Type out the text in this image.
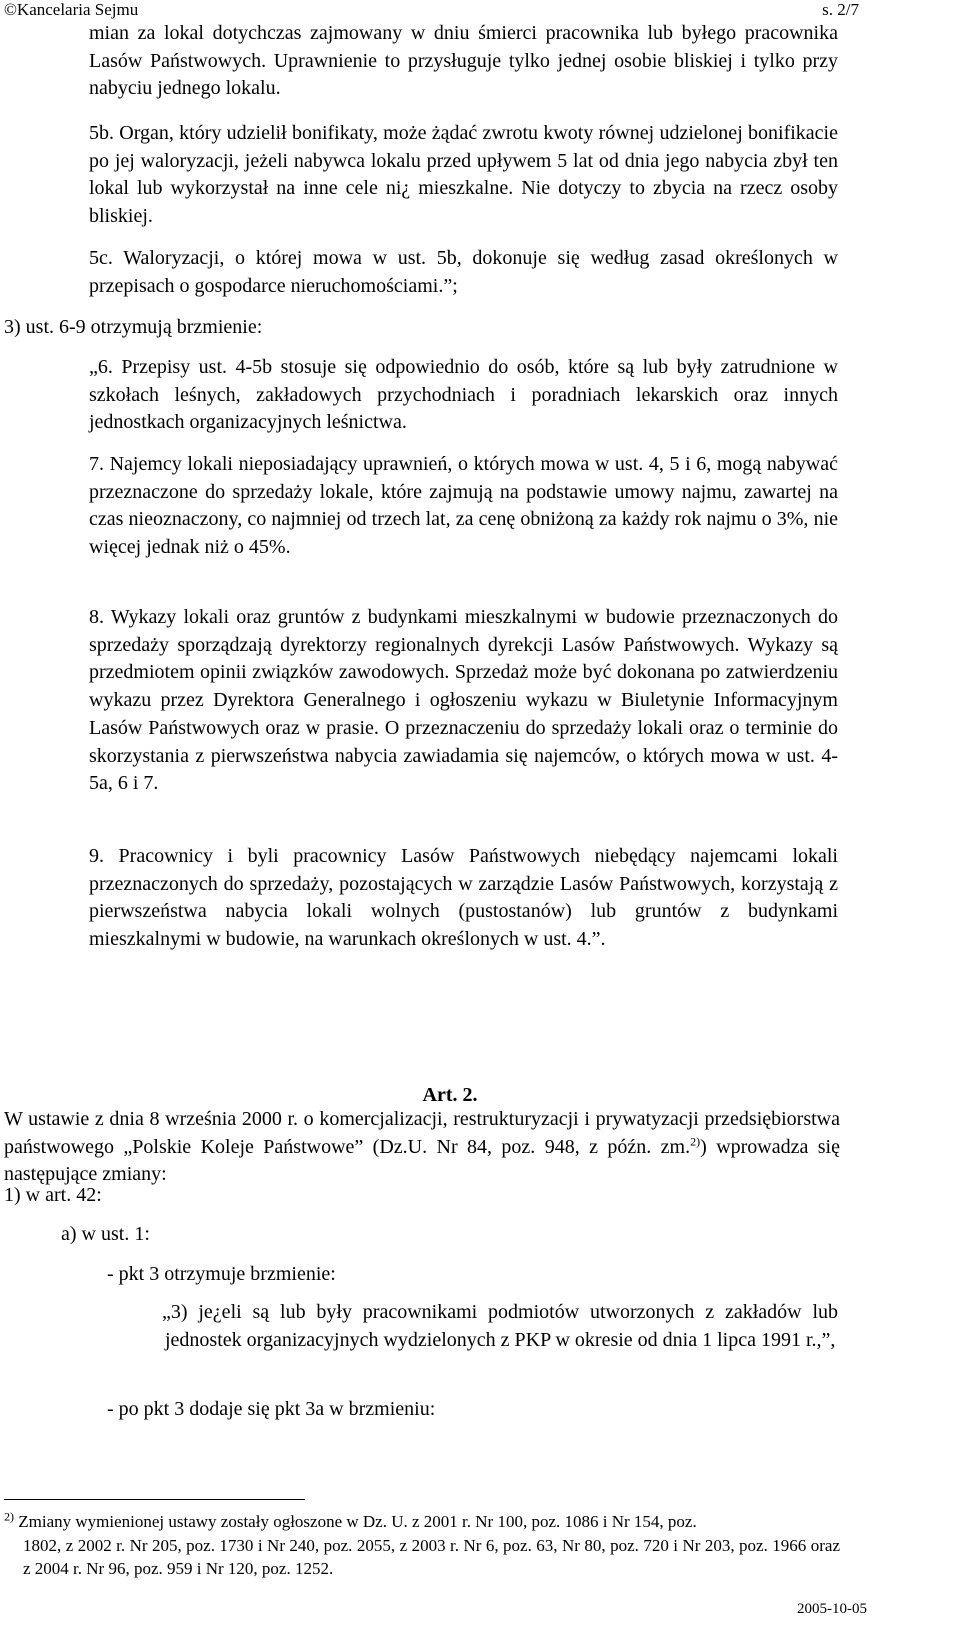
©Kancelaria Sejmu	s. 2/7

mian za lokal dotychczas zajmowany w dniu śmierci pracownika lub byłego pracownika Lasów Państwowych. Uprawnienie to przysługuje tylko jednej osobie bliskiej i tylko przy nabyciu jednego lokalu.

5b. Organ, który udzielił bonifikaty, może żądać zwrotu kwoty równej udzielonej bonifikacie po jej waloryzacji, jeżeli nabywca lokalu przed upływem 5 lat od dnia jego nabycia zbył ten lokal lub wykorzystał na inne cele ni¿ mieszkalne. Nie dotyczy to zbycia na rzecz osoby bliskiej.

5c. Waloryzacji, o której mowa w ust. 5b, dokonuje się według zasad określonych w przepisach o gospodarce nieruchomościami.”;

3) ust. 6-9 otrzymują brzmienie:

„6. Przepisy ust. 4-5b stosuje się odpowiednio do osób, które są lub były zatrudnione w szkołach leśnych, zakładowych przychodniach i poradniach lekarskich oraz innych jednostkach organizacyjnych leśnictwa.

7. Najemcy lokali nieposiadający uprawnień, o których mowa w ust. 4, 5 i 6, mogą nabywać przeznaczone do sprzedaży lokale, które zajmują na podstawie umowy najmu, zawartej na czas nieoznaczony, co najmniej od trzech lat, za cenę obniżoną za każdy rok najmu o 3%, nie więcej jednak niż o 45%.

8. Wykazy lokali oraz gruntów z budynkami mieszkalnymi w budowie przeznaczonych do sprzedaży sporządzają dyrektorzy regionalnych dyrekcji Lasów Państwowych. Wykazy są przedmiotem opinii związków zawodowych. Sprzedaż może być dokonana po zatwierdzeniu wykazu przez Dyrektora Generalnego i ogłoszeniu wykazu w Biuletynie Informacyjnym Lasów Państwowych oraz w prasie. O przeznaczeniu do sprzedaży lokali oraz o terminie do skorzystania z pierwszeństwa nabycia zawiadamia się najemców, o których mowa w ust. 4-5a, 6 i 7.

9. Pracownicy i byli pracownicy Lasów Państwowych niebędący najemcami lokali przeznaczonych do sprzedaży, pozostających w zarządzie Lasów Państwowych, korzystają z pierwszeństwa nabycia lokali wolnych (pustostanów) lub gruntów z budynkami mieszkalnymi w budowie, na warunkach określonych w ust. 4.”.

Art. 2.

W ustawie z dnia 8 września 2000 r. o komercjalizacji, restrukturyzacji i prywatyzacji przedsiębiorstwa państwowego „Polskie Koleje Państwowe” (Dz.U. Nr 84, poz. 948, z późn. zm.$^{2)}$) wprowadza się następujące zmiany:

1) w art. 42:

a) w ust. 1:

- pkt 3 otrzymuje brzmienie:

„3) je¿eli są lub były pracownikami podmiotów utworzonych z zakładów lub jednostek organizacyjnych wydzielonych z PKP w okresie od dnia 1 lipca 1991 r.,”,

- po pkt 3 dodaje się pkt 3a w brzmieniu:

$^{2)}$ Zmiany wymienionej ustawy zostały ogłoszone w Dz. U. z 2001 r. Nr 100, poz. 1086 i Nr 154, poz.
1802, z 2002 r. Nr 205, poz. 1730 i Nr 240, poz. 2055, z 2003 r. Nr 6, poz. 63, Nr 80, poz. 720 i Nr 203, poz. 1966 oraz z 2004 r. Nr 96, poz. 959 i Nr 120, poz. 1252.

2005-10-05
